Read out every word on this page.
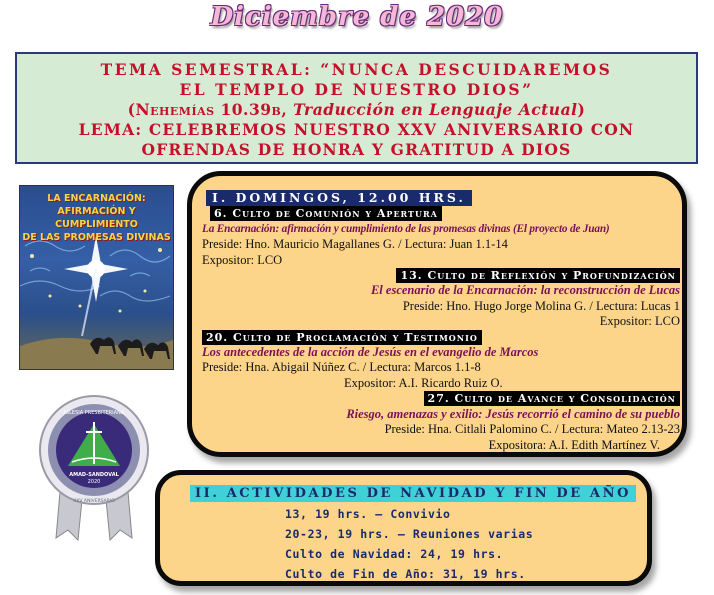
Diciembre de 2020
TEMA SEMESTRAL: “NUNCA DESCUIDAREMOS
EL TEMPLO DE NUESTRO DIOS”
(Nehemías 10.39b, Traducción en Lenguaje Actual)
LEMA: CELEBREMOS NUESTRO XXV ANIVERSARIO CON
OFRENDAS DE HONRA Y GRATITUD A DIOS
LA ENCARNACIÓN:
AFIRMACIÓN Y CUMPLIMIENTO
DE LAS PROMESAS DIVINAS
IGLESIA PRESBITERIANA
AMAD-SANDOVAL
2020
XXV ANIVERSARIO
I. DOMINGOS, 12.00 HRS.
6. Culto de Comunión y Apertura
La Encarnación: afirmación y cumplimiento de las promesas divinas (El proyecto de Juan)
Preside: Hno. Mauricio Magallanes G. / Lectura: Juan 1.1-14
Expositor: LCO
13. Culto de Reflexión y Profundización
El escenario de la Encarnación: la reconstrucción de Lucas
Preside: Hno. Hugo Jorge Molina G. / Lectura: Lucas 1
Expositor: LCO
20. Culto de Proclamación y Testimonio
Los antecedentes de la acción de Jesús en el evangelio de Marcos
Preside: Hna. Abigail Núñez C. / Lectura: Marcos 1.1-8
Expositor: A.I. Ricardo Ruiz O.
27. Culto de Avance y Consolidación
Riesgo, amenazas y exilio: Jesús recorrió el camino de su pueblo
Preside: Hna. Citlali Palomino C. / Lectura: Mateo 2.13-23
Expositora: A.I. Edith Martínez V.
II. ACTIVIDADES DE NAVIDAD Y FIN DE AÑO
13, 19 hrs. – Convivio
20-23, 19 hrs. – Reuniones varias
Culto de Navidad: 24, 19 hrs.
Culto de Fin de Año: 31, 19 hrs.
